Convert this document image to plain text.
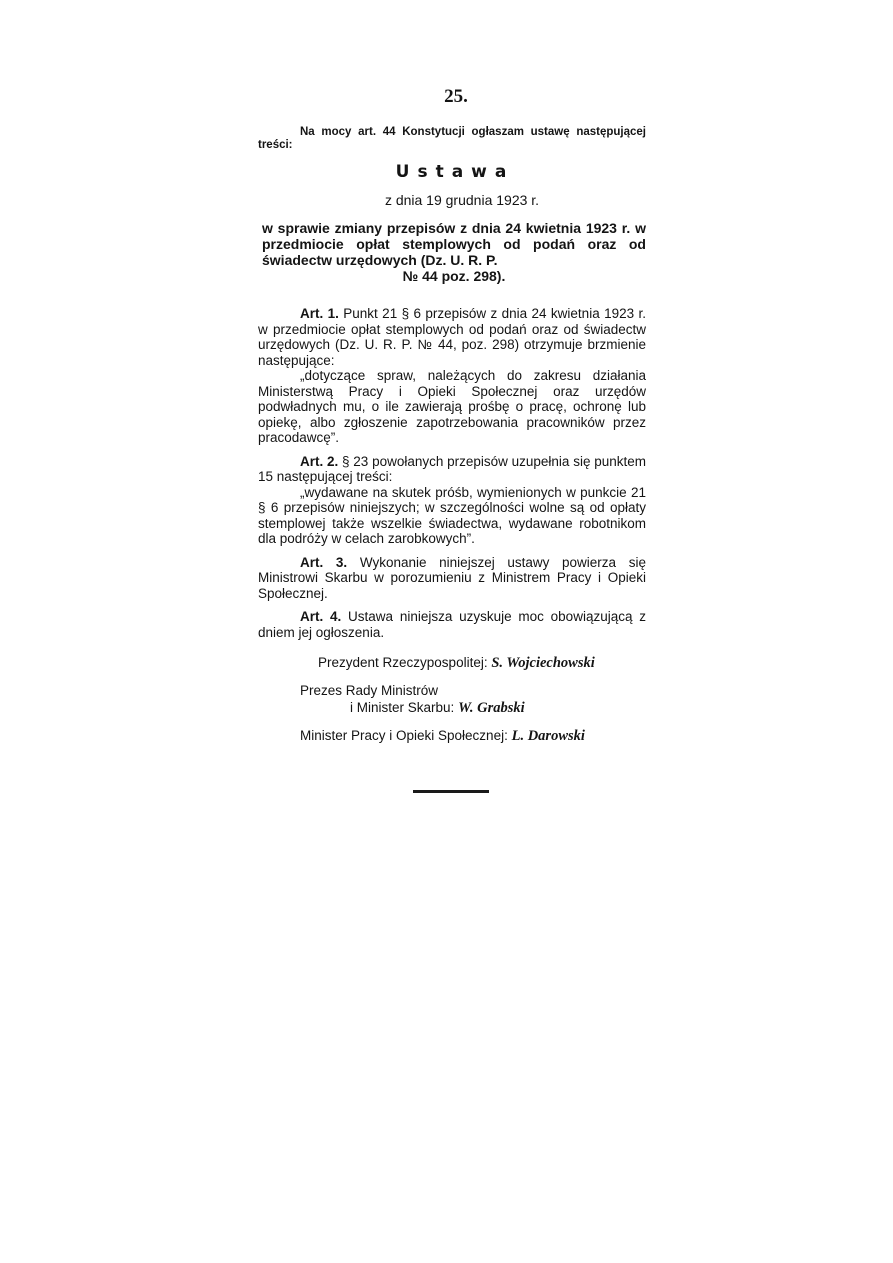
25.

Na mocy art. 44 Konstytucji ogłaszam ustawę następującej treści:

Ustawa
z dnia 19 grudnia 1923 r.
w sprawie zmiany przepisów z dnia 24 kwietnia 1923 r. w przedmiocie opłat stemplowych od podań oraz od świadectw urzędowych (Dz. U. R. P.
№ 44 poz. 298).

Art. 1. Punkt 21 § 6 przepisów z dnia 24 kwietnia 1923 r. w przedmiocie opłat stemplowych od podań oraz od świadectw urzędowych (Dz. U. R. P. № 44, poz. 298) otrzymuje brzmienie następujące:

„dotyczące spraw, należących do zakresu działania Ministerstwą Pracy i Opieki Społecznej oraz urzędów podwładnych mu, o ile zawierają prośbę o pracę, ochronę lub opiekę, albo zgłoszenie zapotrzebowania pracowników przez pracodawcę”.

Art. 2. § 23 powołanych przepisów uzupełnia się punktem 15 następującej treści:

„wydawane na skutek próśb, wymienionych w punkcie 21 § 6 przepisów niniejszych; w szczególności wolne są od opłaty stemplowej także wszelkie świadectwa, wydawane robotnikom dla podróży w celach zarobkowych”.

Art. 3. Wykonanie niniejszej ustawy powierza się Ministrowi Skarbu w porozumieniu z Ministrem Pracy i Opieki Społecznej.

Art. 4. Ustawa niniejsza uzyskuje moc obowiązującą z dniem jej ogłoszenia.

Prezydent Rzeczypospolitej: S. Wojciechowski
Prezes Rady Ministrów
i Minister Skarbu: W. Grabski
Minister Pracy i Opieki Społecznej: L. Darowski
